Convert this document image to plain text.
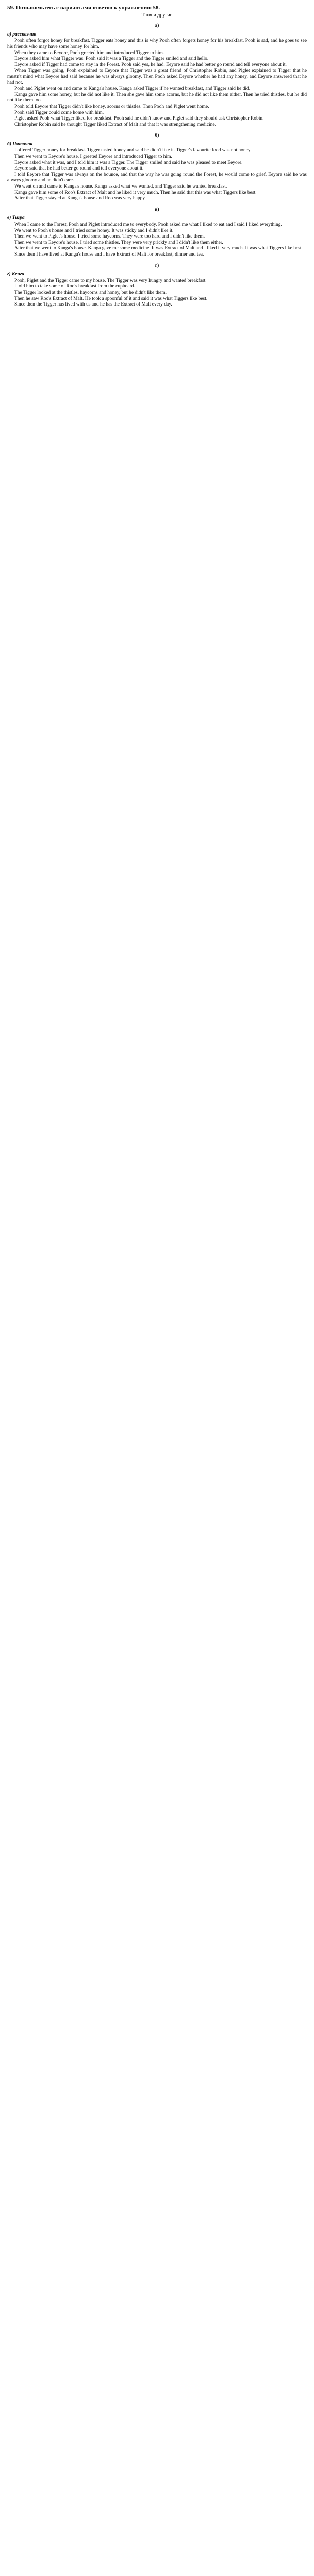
59. Познакомьтесь с вариантами ответов к упражнению 58.
Таня и другие
а)
a) рассказчик

Pooh often forgot honey for breakfast. Tigger eats honey and this is why Pooh often forgets honey for his breakfast. Pooh is sad, and he goes to see his friends who may have some honey for him.

When they came to Eeyore, Pooh greeted him and introduced Tigger to him.

Eeyore asked him what Tigger was. Pooh said it was a Tigger and the Tigger smiled and said hello.

Eeyore asked if Tigger had come to stay in the Forest. Pooh said yes, he had. Eeyore said he had better go round and tell everyone about it.

When Tigger was going, Pooh explained to Eeyore that Tigger was a great friend of Christopher Robin, and Piglet explained to Tigger that he mustn't mind what Eeyore had said because he was always gloomy. Then Pooh asked Eeyore whether he had any honey, and Eeyore answered that he had not.

Pooh and Piglet went on and came to Kanga's house. Kanga asked Tigger if he wanted breakfast, and Tigger said he did.

Kanga gave him some honey, but he did not like it. Then she gave him some acorns, but he did not like them either. Then he tried thistles, but he did not like them too.

Pooh told Eeyore that Tigger didn't like honey, acorns or thistles. Then Pooh and Piglet went home.

Pooh said Tigger could come home with him.

Piglet asked Pooh what Tigger liked for breakfast. Pooh said he didn't know and Piglet said they should ask Christopher Robin.

Christopher Robin said he thought Tigger liked Extract of Malt and that it was strengthening medicine.

б)
б) Пятачок

I offered Tigger honey for breakfast. Tigger tasted honey and said he didn't like it. Tigger's favourite food was not honey.

Then we went to Eeyore's house. I greeted Eeyore and introduced Tigger to him.

Eeyore asked what it was, and I told him it was a Tigger. The Tigger smiled and said he was pleased to meet Eeyore.

Eeyore said that he had better go round and tell everyone about it.

I told Eeyore that Tigger was always on the bounce, and that the way he was going round the Forest, he would come to grief. Eeyore said he was always gloomy and he didn't care.

We went on and came to Kanga's house. Kanga asked what we wanted, and Tigger said he wanted breakfast.

Kanga gave him some of Roo's Extract of Malt and he liked it very much. Then he said that this was what Tiggers like best.

After that Tigger stayed at Kanga's house and Roo was very happy.

в)
в) Тигра

When I came to the Forest, Pooh and Piglet introduced me to everybody. Pooh asked me what I liked to eat and I said I liked everything.

We went to Pooh's house and I tried some honey. It was sticky and I didn't like it.

Then we went to Piglet's house. I tried some haycorns. They were too hard and I didn't like them.

Then we went to Eeyore's house. I tried some thistles. They were very prickly and I didn't like them either.

After that we went to Kanga's house. Kanga gave me some medicine. It was Extract of Malt and I liked it very much. It was what Tiggers like best.

Since then I have lived at Kanga's house and I have Extract of Malt for breakfast, dinner and tea.

г)
г) Кенга

Pooh, Piglet and the Tigger came to my house. The Tigger was very hungry and wanted breakfast.

I told him to take some of Roo's breakfast from the cupboard.

The Tigger looked at the thistles, haycorns and honey, but he didn't like them.

Then he saw Roo's Extract of Malt. He took a spoonful of it and said it was what Tiggers like best.

Since then the Tigger has lived with us and he has the Extract of Malt every day.
